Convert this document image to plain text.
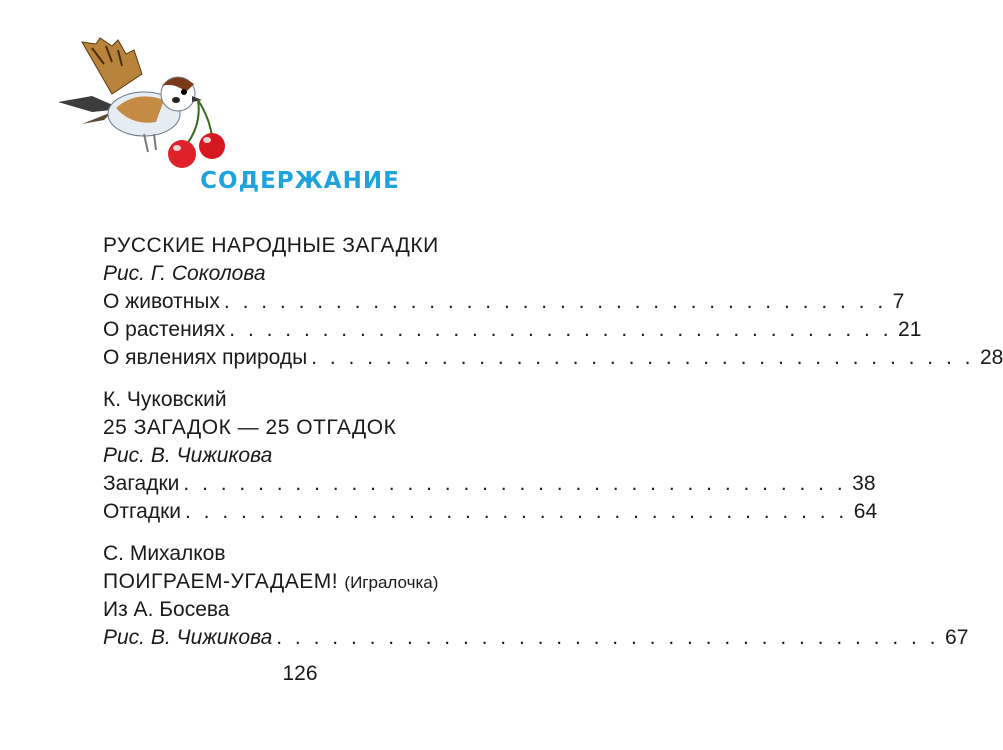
СОДЕРЖАНИЕ
РУССКИЕ НАРОДНЫЕ ЗАГАДКИ
Рис. Г. Соколова
О животных . . . . . . . . . . . . . . . . . . . . . . . . . . . . . . . . . . . . 7
О растениях . . . . . . . . . . . . . . . . . . . . . . . . . . . . . . . . . . . . 21
О явлениях природы . . . . . . . . . . . . . . . . . . . . . . . . . . . . . . . . . . . . 28
К. Чуковский
25 ЗАГАДОК — 25 ОТГАДОК
Рис. В. Чижикова
Загадки . . . . . . . . . . . . . . . . . . . . . . . . . . . . . . . . . . . . 38
Отгадки . . . . . . . . . . . . . . . . . . . . . . . . . . . . . . . . . . . . 64
С. Михалков
ПОИГРАЕМ-УГАДАЕМ! (Игралочка)
Из А. Босева
Рис. В. Чижикова . . . . . . . . . . . . . . . . . . . . . . . . . . . . . . . . . . . . 67
126
